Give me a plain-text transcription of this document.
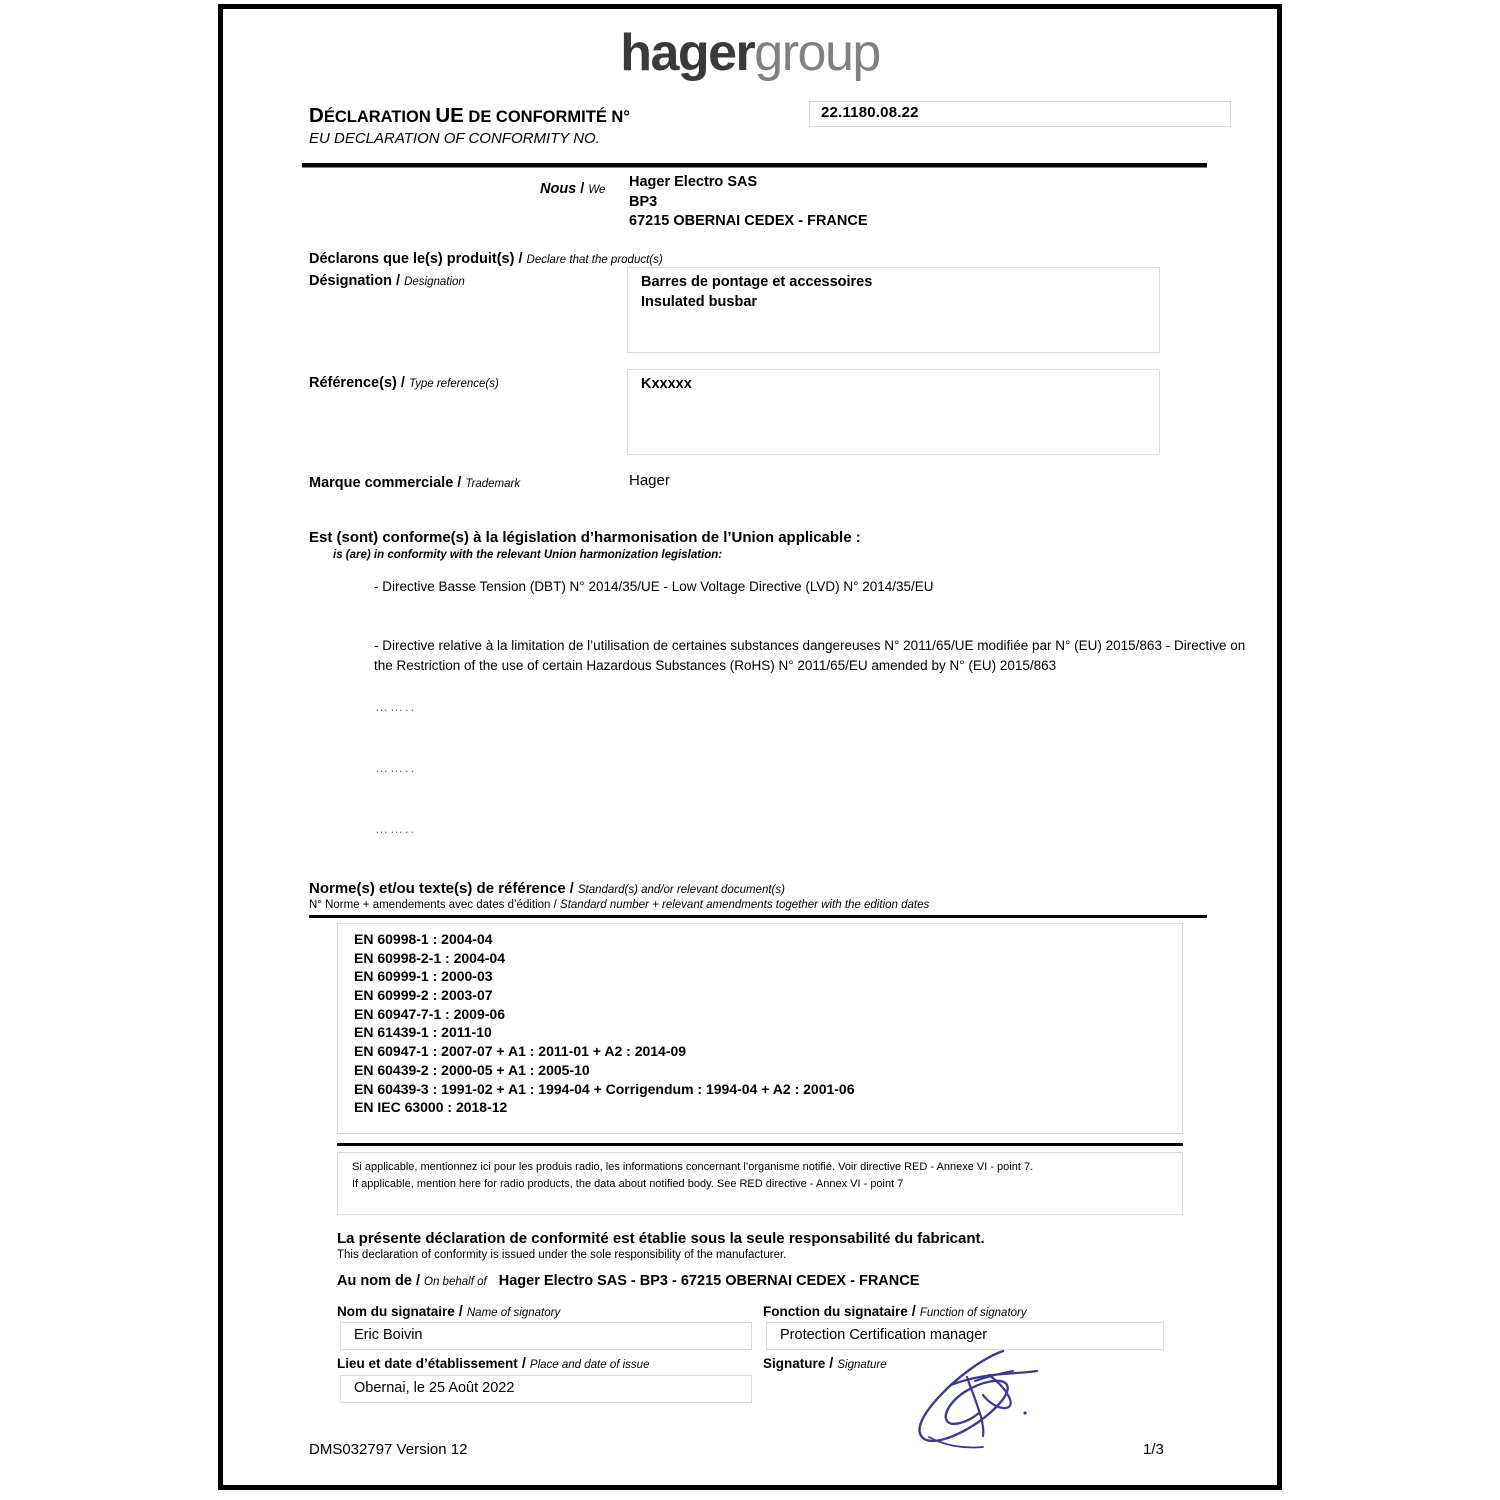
hagergroup
DÉCLARATION UE DE CONFORMITÉ N°
EU DECLARATION OF CONFORMITY NO.
22.1180.08.22
Nous / We Hager Electro SAS
BP3
67215 OBERNAI CEDEX - FRANCE
Déclarons que le(s) produit(s) / Declare that the product(s)
Désignation / Designation	Barres de pontage et accessoires
Insulated busbar
Référence(s) / Type reference(s)	Kxxxxx
Marque commerciale / Trademark	Hager
Est (sont) conforme(s) à la législation d’harmonisation de l’Union applicable :
is (are) in conformity with the relevant Union harmonization legislation:
- Directive Basse Tension (DBT) N° 2014/35/UE - Low Voltage Directive (LVD) N° 2014/35/EU
- Directive relative à la limitation de l’utilisation de certaines substances dangereuses N° 2011/65/UE modifiée par N° (EU) 2015/863 - Directive on the Restriction of the use of certain Hazardous Substances (RoHS) N° 2011/65/EU amended by N° (EU) 2015/863
……..
……..
……..
Norme(s) et/ou texte(s) de référence / Standard(s) and/or relevant document(s)
N° Norme + amendements avec dates d’édition / Standard number + relevant amendments together with the edition dates
EN 60998-1 : 2004-04
EN 60998-2-1 : 2004-04
EN 60999-1 : 2000-03
EN 60999-2 : 2003-07
EN 60947-7-1 : 2009-06
EN 61439-1 : 2011-10
EN 60947-1 : 2007-07 + A1 : 2011-01 + A2 : 2014-09
EN 60439-2 : 2000-05 + A1 : 2005-10
EN 60439-3 : 1991-02 + A1 : 1994-04 + Corrigendum : 1994-04 + A2 : 2001-06
EN IEC 63000 : 2018-12
Si applicable, mentionnez ici pour les produis radio, les informations concernant l’organisme notifié. Voir directive RED - Annexe VI - point 7.
If applicable, mention here for radio products, the data about notified body. See RED directive - Annex VI - point 7
La présente déclaration de conformité est établie sous la seule responsabilité du fabricant.
This declaration of conformity is issued under the sole responsibility of the manufacturer.
Au nom de / On behalf of Hager Electro SAS - BP3 - 67215 OBERNAI CEDEX - FRANCE
Nom du signataire / Name of signatory
Eric Boivin
Fonction du signataire / Function of signatory
Protection Certification manager
Lieu et date d’établissement / Place and date of issue
Obernai, le 25 Août 2022
Signature / Signature
DMS032797 Version 12	1/3
